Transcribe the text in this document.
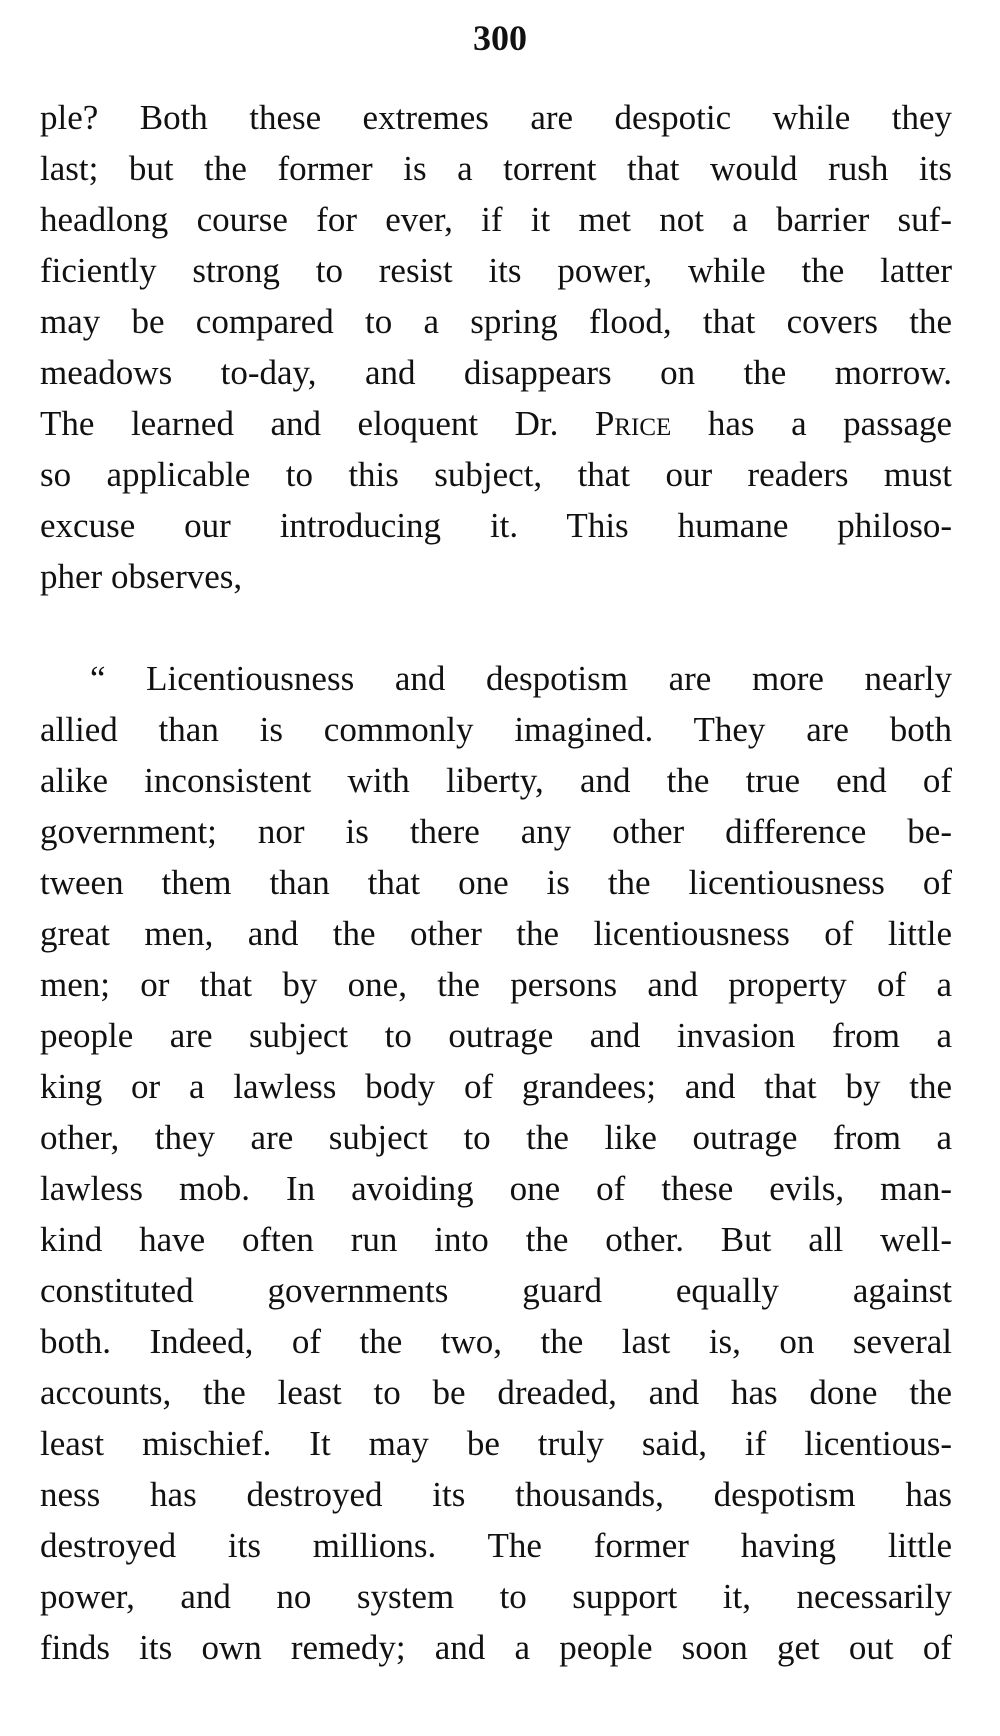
300
ple? Both these extremes are despotic while they
last; but the former is a torrent that would rush its
headlong course for ever, if it met not a barrier suf-
ficiently strong to resist its power, while the latter
may be compared to a spring flood, that covers the
meadows to-day, and disappears on the morrow.
The learned and eloquent Dr. Price has a passage
so applicable to this subject, that our readers must
excuse our introducing it. This humane philoso-
pher observes,
“ Licentiousness and despotism are more nearly
allied than is commonly imagined. They are both
alike inconsistent with liberty, and the true end of
government; nor is there any other difference be-
tween them than that one is the licentiousness of
great men, and the other the licentiousness of little
men; or that by one, the persons and property of a
people are subject to outrage and invasion from a
king or a lawless body of grandees; and that by the
other, they are subject to the like outrage from a
lawless mob. In avoiding one of these evils, man-
kind have often run into the other. But all well-
constituted governments guard equally against
both. Indeed, of the two, the last is, on several
accounts, the least to be dreaded, and has done the
least mischief. It may be truly said, if licentious-
ness has destroyed its thousands, despotism has
destroyed its millions. The former having little
power, and no system to support it, necessarily
finds its own remedy; and a people soon get out of
